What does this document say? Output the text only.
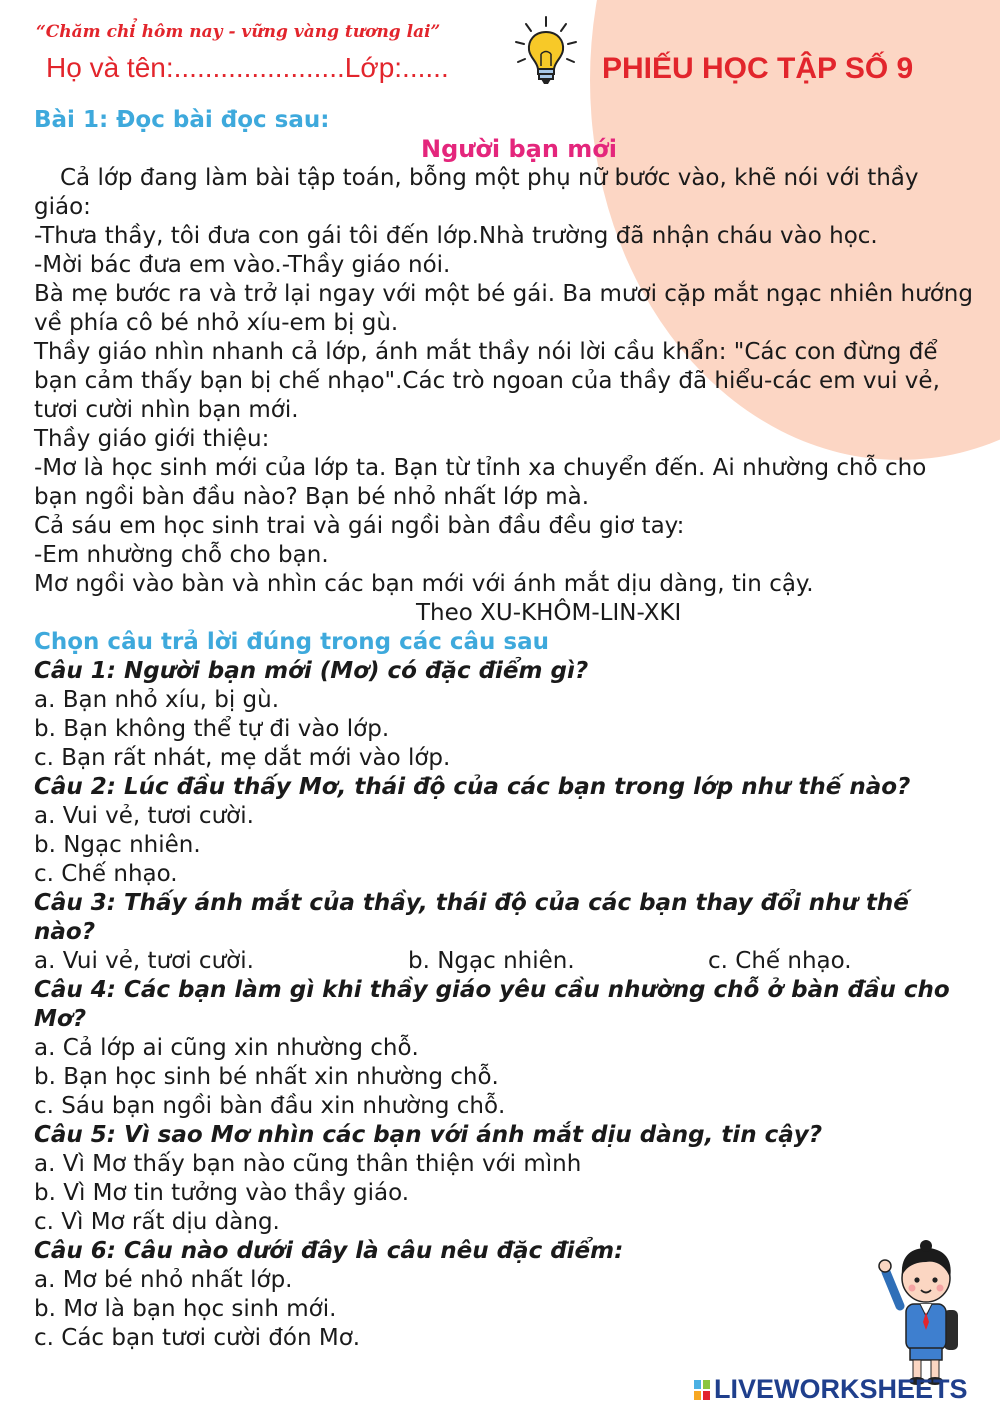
“Chăm chỉ hôm nay - vững vàng tương lai”
Họ và tên:......................Lớp:......	PHIẾU HỌC TẬP SỐ 9

Bài 1: Đọc bài đọc sau:

Người bạn mới

Cả lớp đang làm bài tập toán, bỗng một phụ nữ bước vào, khẽ nói với thầy giáo:

-Thưa thầy, tôi đưa con gái tôi đến lớp.Nhà trường đã nhận cháu vào học.

-Mời bác đưa em vào.-Thầy giáo nói.

Bà mẹ bước ra và trở lại ngay với một bé gái. Ba mươi cặp mắt ngạc nhiên hướng về phía cô bé nhỏ xíu-em bị gù.

Thầy giáo nhìn nhanh cả lớp, ánh mắt thầy nói lời cầu khẩn: "Các con đừng để bạn cảm thấy bạn bị chế nhạo".Các trò ngoan của thầy đã hiểu-các em vui vẻ, tươi cười nhìn bạn mới.

Thầy giáo giới thiệu:

-Mơ là học sinh mới của lớp ta. Bạn từ tỉnh xa chuyển đến. Ai nhường chỗ cho bạn ngồi bàn đầu nào? Bạn bé nhỏ nhất lớp mà.

Cả sáu em học sinh trai và gái ngồi bàn đầu đều giơ tay:

-Em nhường chỗ cho bạn.

Mơ ngồi vào bàn và nhìn các bạn mới với ánh mắt dịu dàng, tin cậy.

Theo XU-KHÔM-LIN-XKI

Chọn câu trả lời đúng trong các câu sau

Câu 1: Người bạn mới (Mơ) có đặc điểm gì?

a. Bạn nhỏ xíu, bị gù.

b. Bạn không thể tự đi vào lớp.

c. Bạn rất nhát, mẹ dắt mới vào lớp.

Câu 2: Lúc đầu thấy Mơ, thái độ của các bạn trong lớp như thế nào?

a. Vui vẻ, tươi cười.

b. Ngạc nhiên.

c. Chế nhạo.

Câu 3: Thấy ánh mắt của thầy, thái độ của các bạn thay đổi như thế nào?

a. Vui vẻ, tươi cười.	b. Ngạc nhiên.	c. Chế nhạo.

Câu 4: Các bạn làm gì khi thầy giáo yêu cầu nhường chỗ ở bàn đầu cho Mơ?

a. Cả lớp ai cũng xin nhường chỗ.

b. Bạn học sinh bé nhất xin nhường chỗ.

c. Sáu bạn ngồi bàn đầu xin nhường chỗ.

Câu 5: Vì sao Mơ nhìn các bạn với ánh mắt dịu dàng, tin cậy?

a. Vì Mơ thấy bạn nào cũng thân thiện với mình

b. Vì Mơ tin tưởng vào thầy giáo.

c. Vì Mơ rất dịu dàng.

Câu 6: Câu nào dưới đây là câu nêu đặc điểm:

a. Mơ bé nhỏ nhất lớp.

b. Mơ là bạn học sinh mới.

c. Các bạn tươi cười đón Mơ.

LIVEWORKSHEETS
